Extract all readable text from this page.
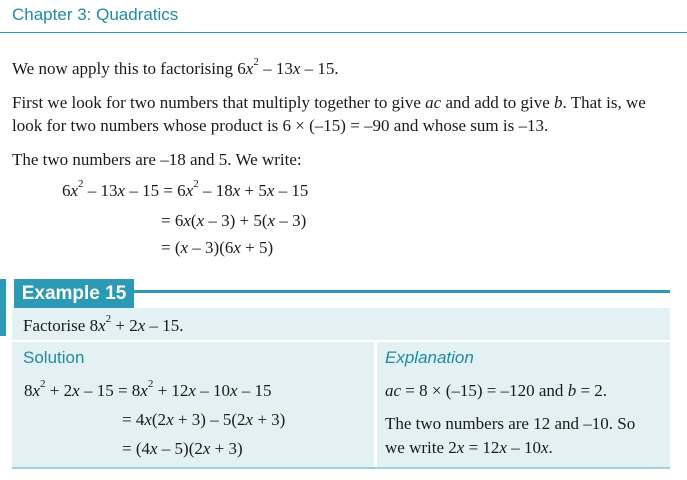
Chapter 3: Quadratics
We now apply this to factorising $6x^2 - 13x - 15$.
First we look for two numbers that multiply together to give ac and add to give b. That is, we
look for two numbers whose product is 6 × (–15) = –90 and whose sum is –13.
The two numbers are –18 and 5. We write:
$6x^2 - 13x - 15 = 6x^2 - 18x + 5x - 15$
= 6x(x – 3) + 5(x – 3)
= (x – 3)(6x + 5)
Example 15
Factorise $8x^2 + 2x - 15$.
Solution	Explanation
$8x^2 + 2x - 15 = 8x^2 + 12x - 10x - 15$
= 4x(2x + 3) – 5(2x + 3)
= (4x – 5)(2x + 3)
ac = 8 × (–15) = –120 and b = 2.
The two numbers are 12 and –10. So
we write 2x = 12x – 10x.
